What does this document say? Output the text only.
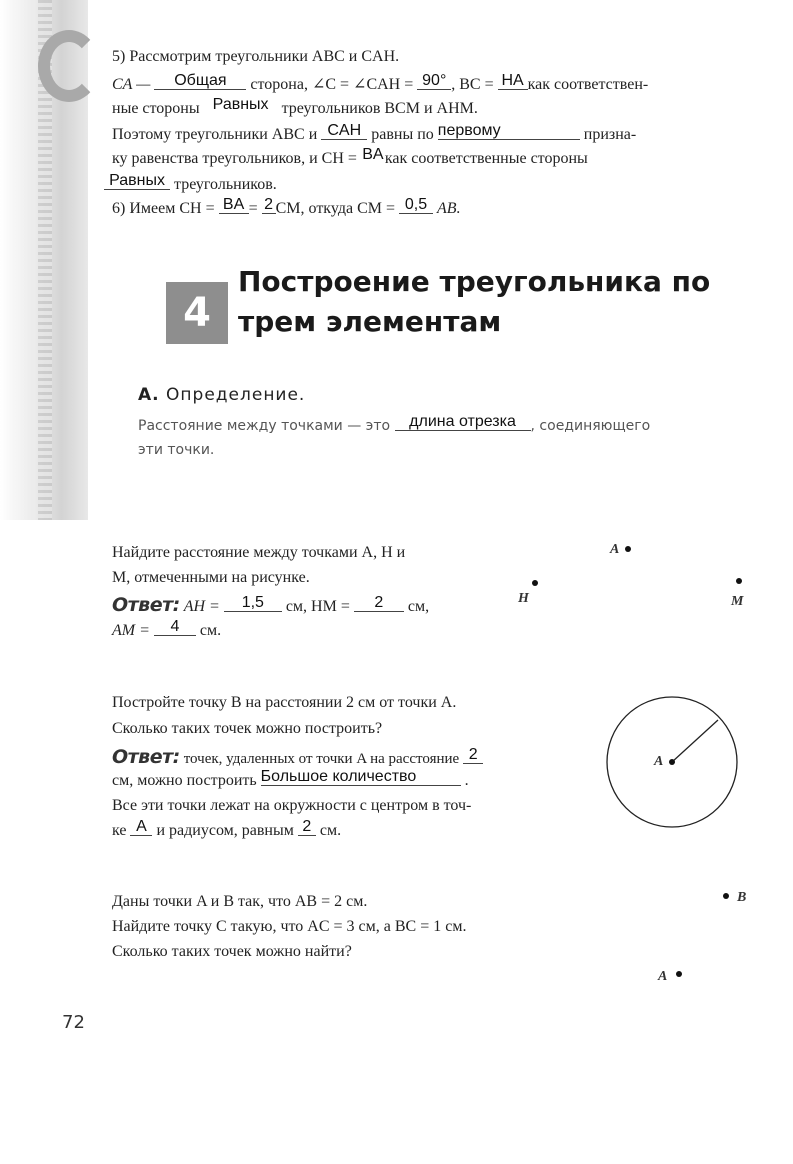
5) Рассмотрим треугольники ABC и CAH.
CA — Общая сторона, ∠C = ∠CAH = 90° , BC = HA как соответствен-
ные стороны Равных треугольников BCM и AHM.
Поэтому треугольники ABC и CAH равны по первому	призна-
ку равенства треугольников, и CH = BAкак соответственные стороны
Равных треугольников.
6) Имеем CH = BA = 2 CM, откуда CM = 0,5 AB.
4
Построение треугольника по трем элементам
А. Определение.
Расстояние между точками — это длина отрезка , соединяющего
эти точки.
Найдите расстояние между точками A, H и
M, отмеченными на рисунке.
Ответ: AH = 1,5 см, HM = 2 см,
AM = 4 см.
A
H	M
Постройте точку B на расстоянии 2 см от точки A.
Сколько таких точек можно построить?
Ответ: точек, удаленных от точки A на расстояние 2
см, можно построить Большое количество	.
Все эти точки лежат на окружности с центром в точ-
ке A и радиусом, равным 2 см.
A
Даны точки A и B так, что AB = 2 см.
Найдите точку C такую, что AC = 3 см, а BC = 1 см.
Сколько таких точек можно найти?
B
A
72
